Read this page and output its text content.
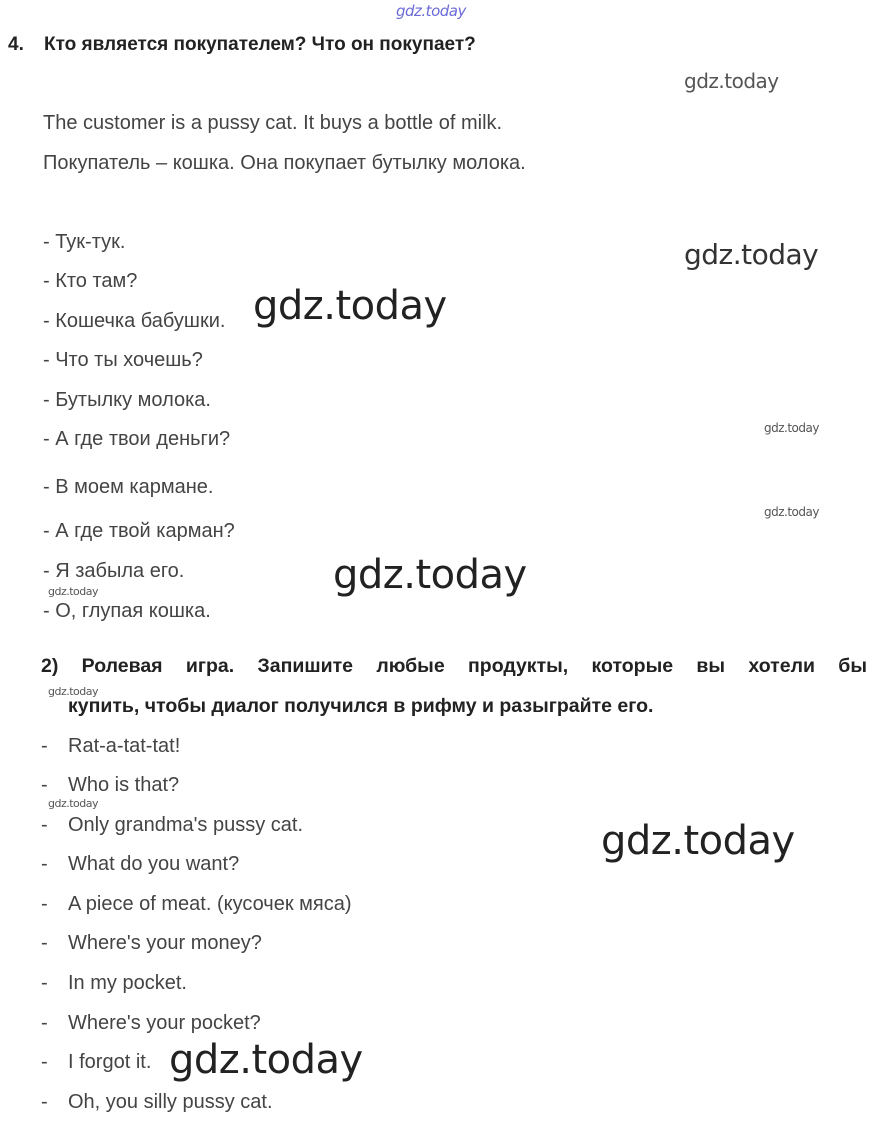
gdz.today
gdz.today
gdz.today
gdz.today
gdz.today
gdz.today
gdz.today
gdz.today
gdz.today
gdz.today
gdz.today
gdz.today
4. Кто является покупателем? Что он покупает?
The customer is a pussy cat. It buys a bottle of milk.
Покупатель – кошка. Она покупает бутылку молока.
- Тук-тук.
- Кто там?
- Кошечка бабушки.
- Что ты хочешь?
- Бутылку молока.
- А где твои деньги?
- В моем кармане.
- А где твой карман?
- Я забыла его.
- О, глупая кошка.
2) Ролевая игра. Запишите любые продукты, которые вы хотели бы
купить, чтобы диалог получился в рифму и разыграйте его.
- Rat-a-tat-tat!
- Who is that?
- Only grandma's pussy cat.
- What do you want?
- A piece of meat. (кусочек мяса)
- Where's your money?
- In my pocket.
- Where's your pocket?
- I forgot it.
- Oh, you silly pussy cat.
